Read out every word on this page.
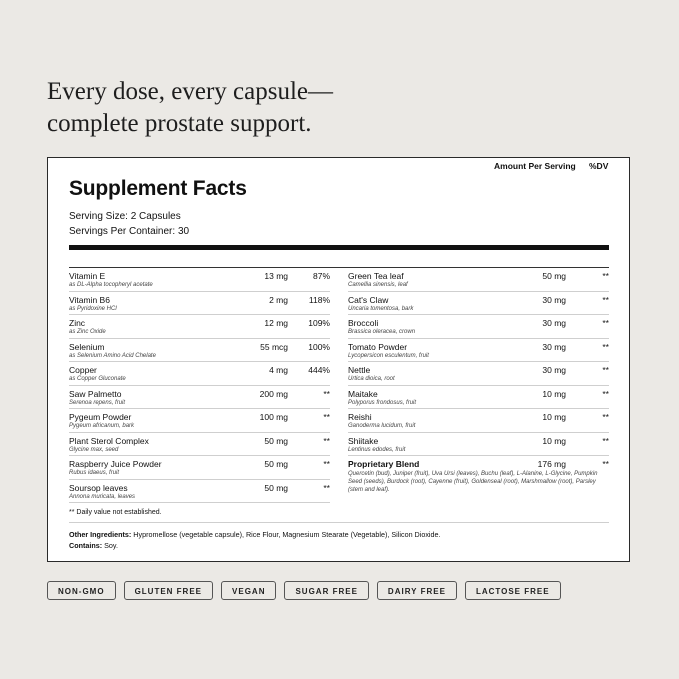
Every dose, every capsule—
complete prostate support.
Supplement Facts
Serving Size: 2 Capsules
Servings Per Container: 30
Amount Per Serving %DV
Vitamin E
as DL-Alpha tocopheryl acetate
13 mg	87%
Vitamin B6
as Pyridoxine HCl
2 mg 118%
Zinc
as Zinc Oxide
12 mg 109%
Selenium
as Selenium Amino Acid Chelate
55 mcg 100%
Copper
as Copper Gluconate
4 mg 444%
Saw Palmetto
Serenoa repens, fruit
200 mg	**
Pygeum Powder
Pygeum africanum, bark
100 mg	**
Plant Sterol Complex
Glycine max, seed
50 mg	**
Raspberry Juice Powder
Rubus idaeus, fruit
50 mg	**
Soursop leaves
Annona muricata, leaves
50 mg	**
Green Tea leaf
Camellia sinensis, leaf
50 mg	**
Cat's Claw
Uncaria tomentosa, bark
30 mg	**
Broccoli
Brassica oleracea, crown
30 mg	**
Tomato Powder
Lycopersicon esculentum, fruit
30 mg	**
Nettle
Urtica dioica, root
30 mg	**
Maitake
Polyporus frondosus, fruit
10 mg	**
Reishi
Ganoderma lucidum, fruit
10 mg	**
Shiitake
Lentinus edodes, fruit
10 mg	**
Proprietary Blend	176 mg	**
Quercetin (bud), Juniper (fruit), Uva Ursi (leaves), Buchu (leaf), L-Alanine, L-Glycine, Pumpkin Seed (seeds), Burdock (root), Cayenne (fruit), Goldenseal (root), Marshmallow (root), Parsley (stem and leaf).
** Daily value not established.
Other Ingredients: Hypromellose (vegetable capsule), Rice Flour, Magnesium Stearate (Vegetable), Silicon Dioxide.
Contains: Soy.
NON-GMO	GLUTEN FREE	VEGAN	SUGAR FREE	DAIRY FREE	LACTOSE FREE
